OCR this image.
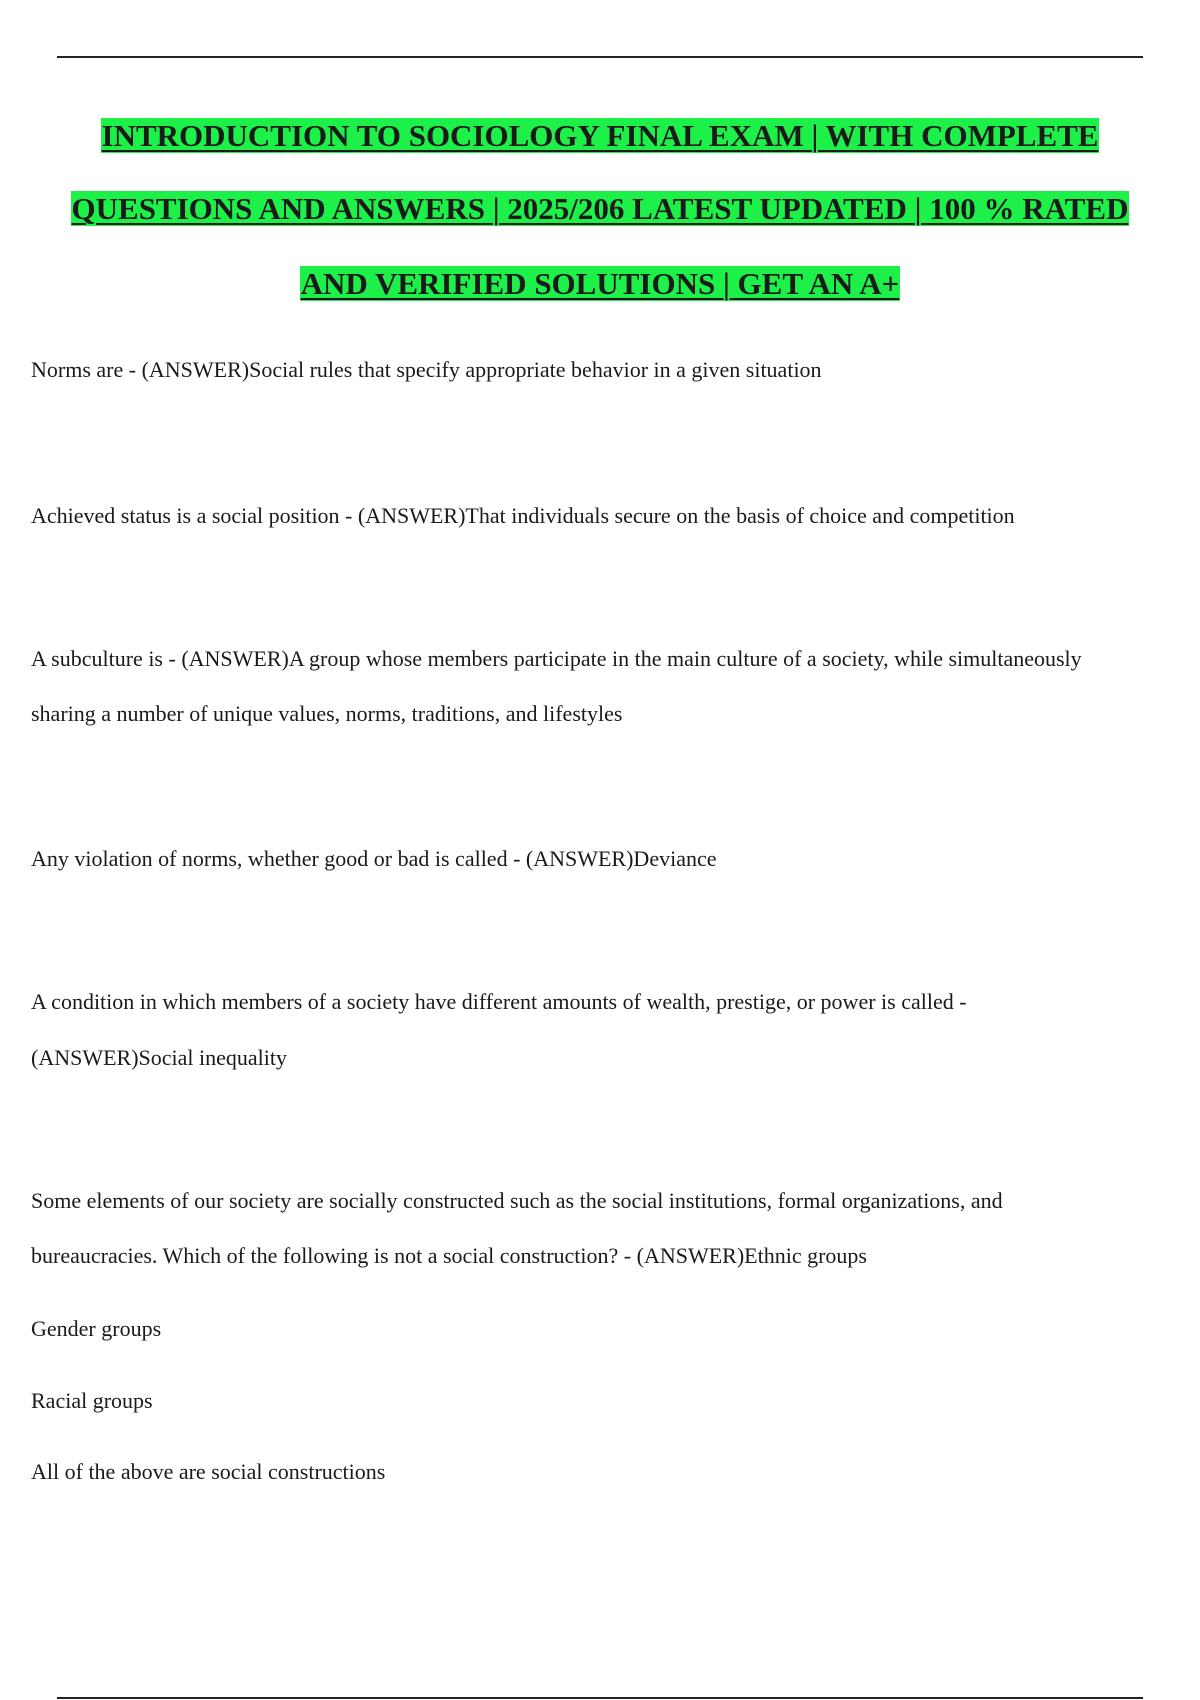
INTRODUCTION TO SOCIOLOGY FINAL EXAM | WITH COMPLETE
QUESTIONS AND ANSWERS | 2025/206 LATEST UPDATED | 100 % RATED
AND VERIFIED SOLUTIONS | GET AN A+
Norms are - (ANSWER)Social rules that specify appropriate behavior in a given situation
Achieved status is a social position - (ANSWER)That individuals secure on the basis of choice and competition
A subculture is - (ANSWER)A group whose members participate in the main culture of a society, while simultaneously
sharing a number of unique values, norms, traditions, and lifestyles
Any violation of norms, whether good or bad is called - (ANSWER)Deviance
A condition in which members of a society have different amounts of wealth, prestige, or power is called -
(ANSWER)Social inequality
Some elements of our society are socially constructed such as the social institutions, formal organizations, and
bureaucracies. Which of the following is not a social construction? - (ANSWER)Ethnic groups
Gender groups
Racial groups
All of the above are social constructions
